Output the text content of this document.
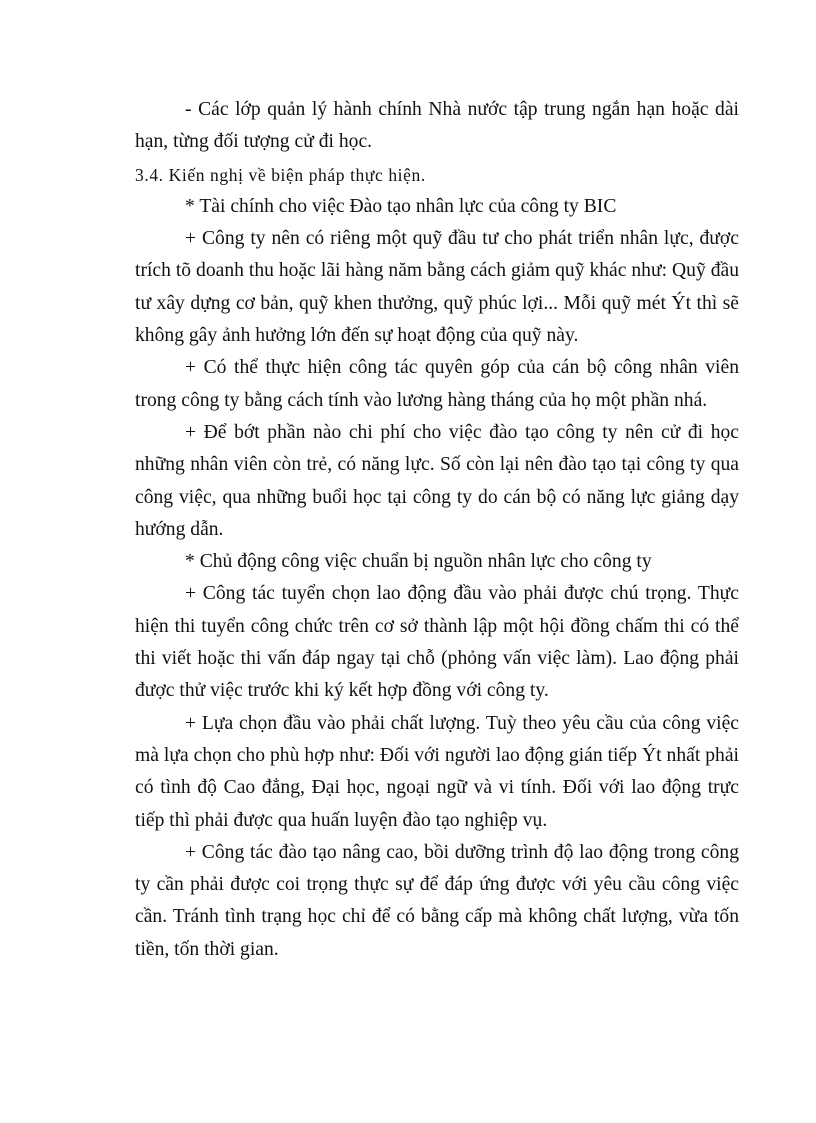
- Các lớp quản lý hành chính Nhà nước tập trung ngắn hạn hoặc dài hạn, từng đối tượng cử đi học.

3.4. Kiến nghị về biện pháp thực hiện.

* Tài chính cho việc Đào tạo nhân lực của công ty BIC

+ Công ty nên có riêng một quỹ đầu tư cho phát triển nhân lực, được trích tõ doanh thu hoặc lãi hàng năm bằng cách giảm quỹ khác như: Quỹ đầu tư xây dựng cơ bản, quỹ khen thưởng, quỹ phúc lợi... Mỗi quỹ mét Ýt thì sẽ không gây ảnh hưởng lớn đến sự hoạt động của quỹ này.

+ Có thể thực hiện công tác quyên góp của cán bộ công nhân viên trong công ty bằng cách tính vào lương hàng tháng của họ một phần nhá.

+ Để bớt phần nào chi phí cho việc đào tạo công ty nên cử đi học những nhân viên còn trẻ, có năng lực. Số còn lại nên đào tạo tại công ty qua công việc, qua những buổi học tại công ty do cán bộ có năng lực giảng dạy hướng dẫn.

* Chủ động công việc chuẩn bị nguồn nhân lực cho công ty

+ Công tác tuyển chọn lao động đầu vào phải được chú trọng. Thực hiện thi tuyển công chức trên cơ sở thành lập một hội đồng chấm thi có thể thi viết hoặc thi vấn đáp ngay tại chỗ (phỏng vấn việc làm). Lao động phải được thử việc trước khi ký kết hợp đồng với công ty.

+ Lựa chọn đầu vào phải chất lượng. Tuỳ theo yêu cầu của công việc mà lựa chọn cho phù hợp như: Đối với người lao động gián tiếp Ýt nhất phải có tình độ Cao đẳng, Đại học, ngoại ngữ và vi tính. Đối với lao động trực tiếp thì phải được qua huấn luyện đào tạo nghiệp vụ.

+ Công tác đào tạo nâng cao, bồi dưỡng trình độ lao động trong công ty cần phải được coi trọng thực sự để đáp ứng được với yêu cầu công việc cần. Tránh tình trạng học chỉ để có bằng cấp mà không chất lượng, vừa tốn tiền, tốn thời gian.
